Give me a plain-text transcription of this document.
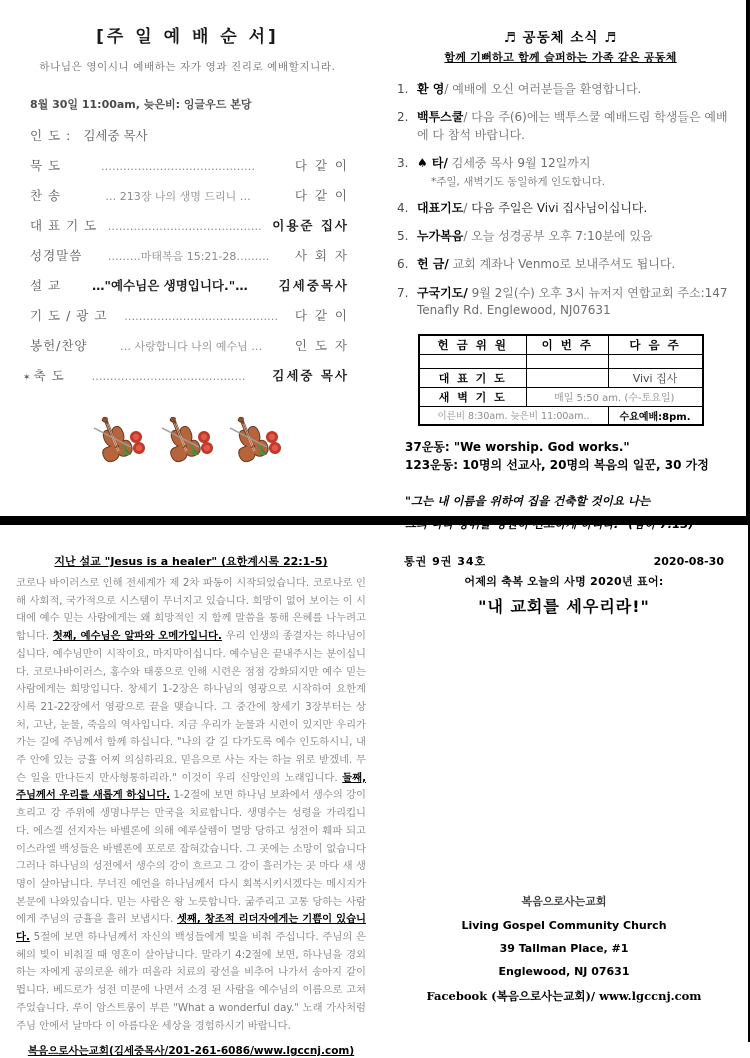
[주 일 예 배 순 서]
하나님은 영이시니 예배하는 자가 영과 진리로 예배할지니라.
8월 30일 11:00am, 늦은비: 잉글우드 본당
인 도 : 김세중 목사
묵 도	……………………………………	다 같 이
찬 송	… 213장 나의 생명 드리니 …	다 같 이
대 표 기 도 …………………………………… 이용준 집사
성경말씀	………마태복음 15:21-28………	사 회 자
설 교	…"예수님은 생명입니다."…	김세중목사
기 도 / 광 고	……………………………………	다 같 이
봉헌/찬양	… 사랑합니다 나의 예수님 …	인 도 자
✶ 축 도	……………………………………	김세중 목사
♬ 공동체 소식 ♬
함께 기뻐하고 함께 슬퍼하는 가족 같은 공동체
1. 환 영/ 예배에 오신 여러분들을 환영합니다.
2. 백투스쿨/ 다음 주(6)에는 백투스쿨 예배드림 학생들은 예배에 다 참석 바랍니다.
3. ♠ 타/ 김세중 목사 9월 12일까지
*주일, 새벽기도 동일하게 인도합니다.
4. 대표기도/ 다음 주일은 Vivi 집사님이십니다.
5. 누가복음/ 오늘 성경공부 오후 7:10분에 있음
6. 헌 금/ 교회 계좌나 Venmo로 보내주셔도 됩니다.
7. 구국기도/ 9월 2일(수) 오후 3시 뉴저지 연합교회 주소:147 Tenafly Rd. Englewood, NJ07631
헌 금 위 원	이 번 주	다 음 주

대 표 기 도		Vivi 집사
새 벽 기 도	매일 5:50 am. (수-토요일)	
이른비 8:30am. 늦은비 11:00am..		수요예배:8pm.
37운동: "We worship. God works."
123운동: 10명의 선교사, 20명의 복음의 일꾼, 30 가정
"그는 내 이름을 위하여 집을 건축할 것이요 나는
지난 설교 "Jesus is a healer" (요한계시록 22:1-5)
코로나 바이러스로 인해 전세계가 제 2차 파동이 시작되었습니다. 코로나로 인해 사회적, 국가적으로 시스템이 무너지고 있습니다. 희망이 없어 보이는 이 시대에 예수 믿는 사람에게는 왜 희망적인 지 함께 말씀을 통해 은혜를 나누려고 합니다. 첫째, 예수님은 알파와 오메가입니다. 우리 인생의 종결자는 하나님이십니다. 예수님만이 시작이요, 마지막이십니다. 예수님은 끝내주시는 분이십니다. 코로나바이러스, 홍수와 태풍으로 인해 시련은 점점 강화되지만 예수 믿는 사람에게는 희망입니다. 창세기 1-2장은 하나님의 영광으로 시작하여 요한계시록 21-22장에서 영광으로 끝을 맺습니다. 그 중간에 창세기 3장부터는 상처, 고난, 눈물, 죽음의 역사입니다. 지금 우리가 눈물과 시련이 있지만 우리가 가는 길에 주님께서 함께 하십니다. "나의 갈 길 다가도록 예수 인도하시니, 내 주 안에 있는 긍휼 어찌 의심하리요. 믿음으로 사는 자는 하늘 위로 받겠네. 무슨 일을 만나든지 만사형통하리라." 이것이 우리 신앙인의 노래입니다. 둘째, 주님께서 우리를 새롭게 하십니다. 1-2절에 보면 하나님 보좌에서 생수의 강이 흐리고 강 주위에 생명나무는 만국을 치료합니다. 생명수는 성령을 가리킵니다. 에스겔 선지자는 바벨론에 의해 예루살렘이 멸망 당하고 성전이 훼파 되고 이스라엘 백성들은 바벨론에 포로로 잡혀갔습니다. 그 곳에는 소망이 없습니다 그러나 하나님의 성전에서 생수의 강이 흐르고 그 강이 흘러가는 곳 마다 새 생명이 살아납니다. 무너진 예언을 하나님께서 다시 회복시키시겠다는 메시지가 본문에 나와있습니다. 믿는 사람은 왕 노릇합니다. 굶주리고 고통 당하는 사람에게 주님의 긍휼을 흘러 보냅시다. 셋째, 창조적 리더자에게는 기쁨이 있습니다. 5절에 보면 하나님께서 자신의 백성들에게 빛을 비춰 주십니다. 주님의 은혜의 빛이 비춰질 때 영혼이 살아납니다. 말라기 4:2절에 보면, 하나님을 경외하는 자에게 공의로운 해가 떠올라 치료의 광선을 비추어 나가서 송아지 같이 뜁니다. 베드로가 성전 미문에 나면서 소경 된 사람을 예수님의 이름으로 고쳐주었습니다. 루이 암스트롱이 부른 "What a wonderful day." 노래 가사처럼 주님 안에서 날마다 이 아름다운 세상을 경험하시기 바랍니다.
복음으로사는교회(김세중목사/201-261-6086/www.lgccnj.com)
통권 9권 34호	2020-08-30
어제의 축복 오늘의 사명 2020년 표어:
"내 교회를 세우리라!"
복음으로사는교회
Living Gospel Community Church
39 Tallman Place, #1
Englewood, NJ 07631
Facebook (복음으로사는교회)/ www.lgccnj.com
